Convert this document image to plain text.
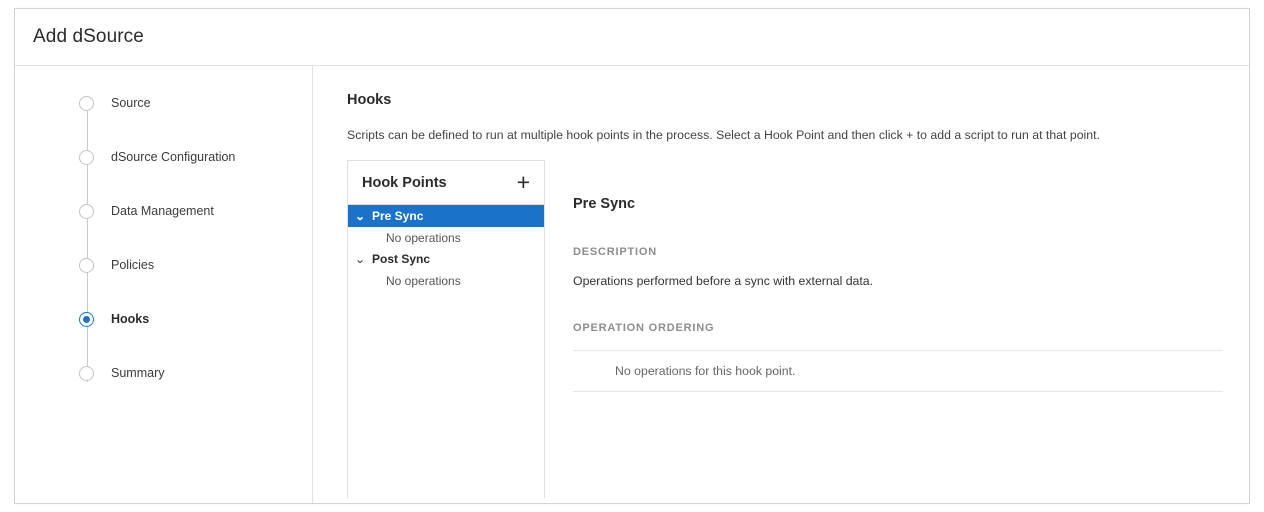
Add dSource
Source
dSource Configuration
Data Management
Policies
Hooks
Summary
Hooks

Scripts can be defined to run at multiple hook points in the process. Select a Hook Point and then click + to add a script to run at that point.

Hook Points	+
⌄ Pre Sync
No operations
⌄ Post Sync
No operations
Pre Sync
DESCRIPTION
Operations performed before a sync with external data.
OPERATION ORDERING
No operations for this hook point.
